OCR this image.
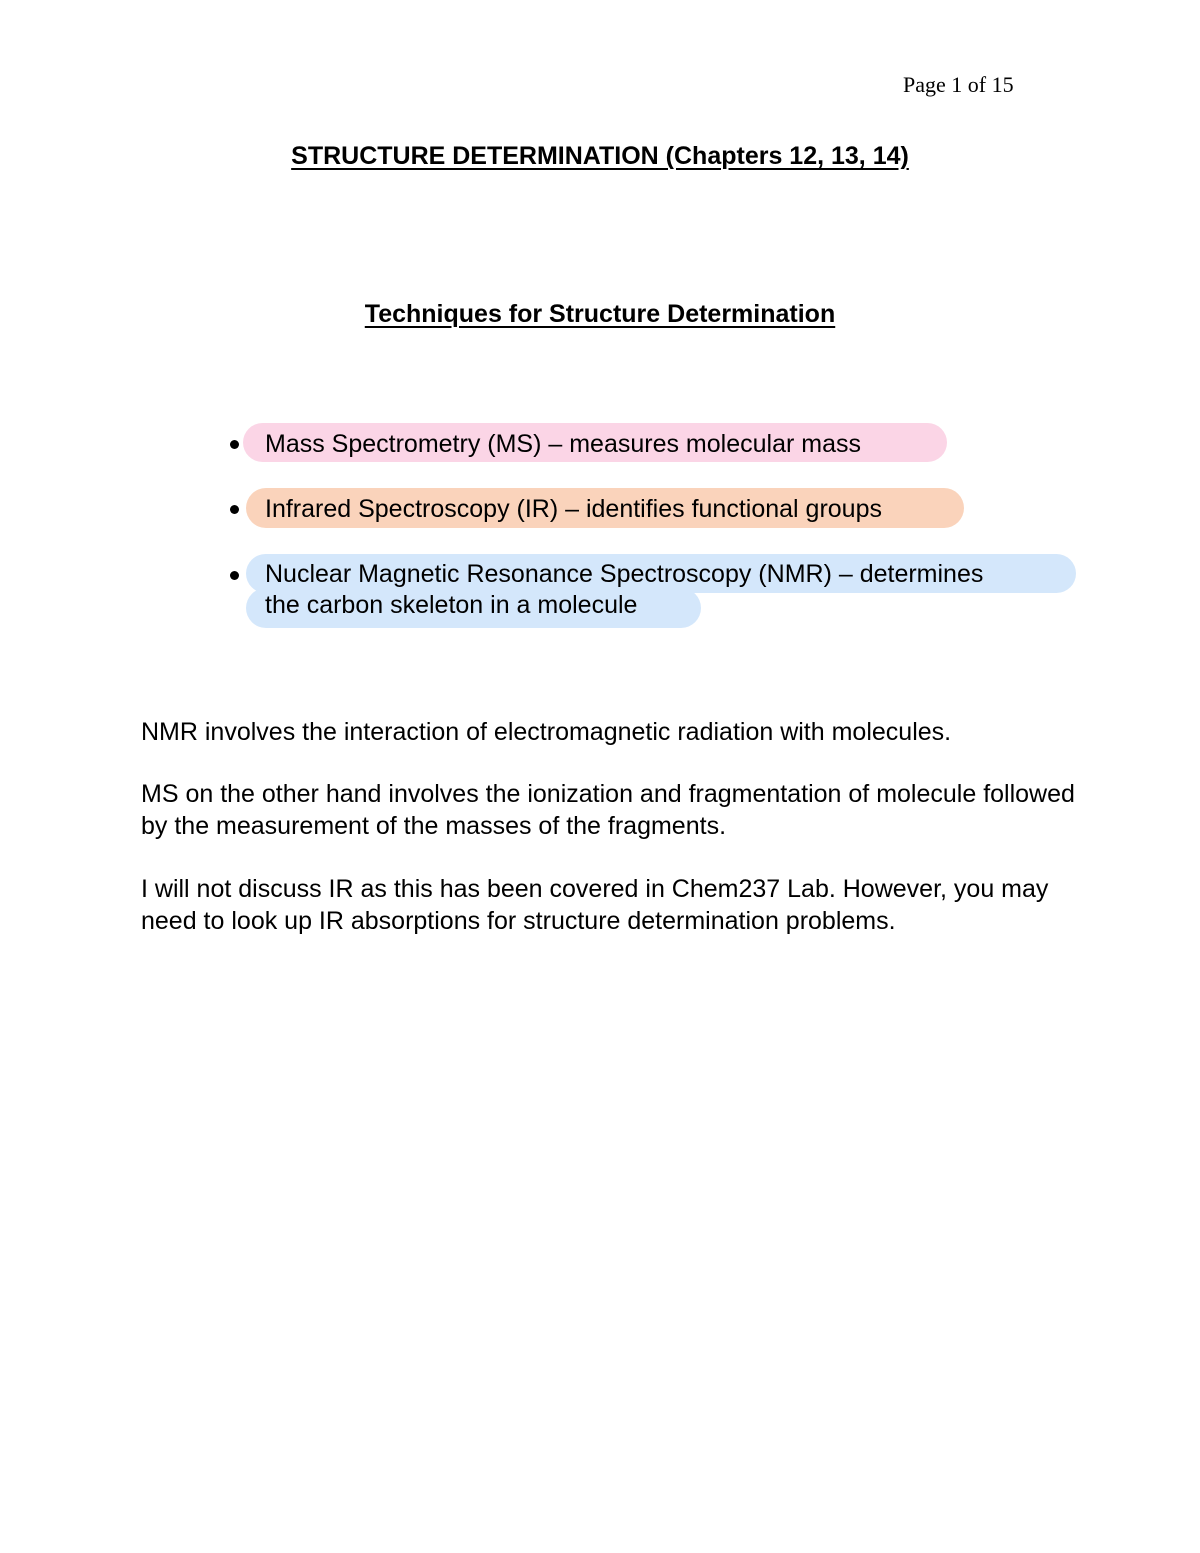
Page 1 of 15
STRUCTURE DETERMINATION (Chapters 12, 13, 14)
Techniques for Structure Determination
Mass Spectrometry (MS) – measures molecular mass
Infrared Spectroscopy (IR) – identifies functional groups
Nuclear Magnetic Resonance Spectroscopy (NMR) – determines
the carbon skeleton in a molecule
NMR involves the interaction of electromagnetic radiation with molecules.
MS on the other hand involves the ionization and fragmentation of molecule followed by the measurement of the masses of the fragments.
I will not discuss IR as this has been covered in Chem237 Lab. However, you may need to look up IR absorptions for structure determination problems.
